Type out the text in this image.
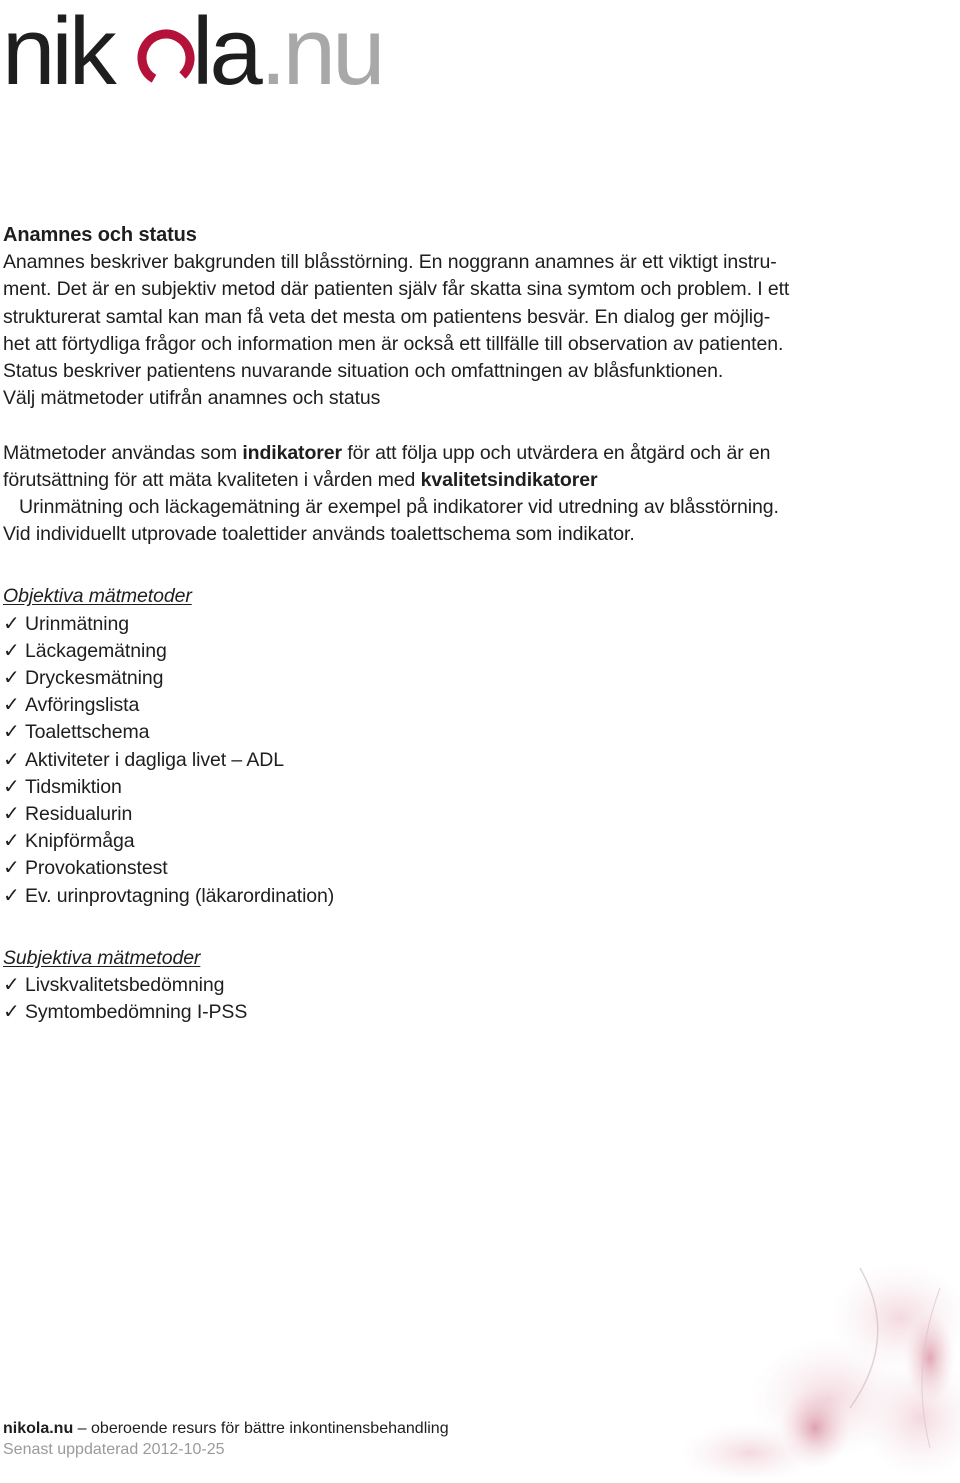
nik la .nu

Anamnes och status

Anamnes beskriver bakgrunden till blåsstörning. En noggrann anamnes är ett viktigt instru-

ment. Det är en subjektiv metod där patienten själv får skatta sina symtom och problem. I ett

strukturerat samtal kan man få veta det mesta om patientens besvär. En dialog ger möjlig-

het att förtydliga frågor och information men är också ett tillfälle till observation av patienten.

Status beskriver patientens nuvarande situation och omfattningen av blåsfunktionen.

Välj mätmetoder utifrån anamnes och status

Mätmetoder användas som indikatorer för att följa upp och utvärdera en åtgärd och är en

förutsättning för att mäta kvaliteten i vården med kvalitetsindikatorer

Urinmätning och läckagemätning är exempel på indikatorer vid utredning av blåsstörning.

Vid individuellt utprovade toalettider används toalettschema som indikator.

Objektiva mätmetoder

✓ Urinmätning
✓ Läckagemätning
✓ Dryckesmätning
✓ Avföringslista
✓ Toalettschema
✓ Aktiviteter i dagliga livet – ADL
✓ Tidsmiktion
✓ Residualurin
✓ Knipförmåga
✓ Provokationstest
✓ Ev. urinprovtagning (läkarordination)

Subjektiva mätmetoder

✓ Livskvalitetsbedömning
✓ Symtombedömning I-PSS
nikola.nu – oberoende resurs för bättre inkontinensbehandling
Senast uppdaterad 2012-10-25
